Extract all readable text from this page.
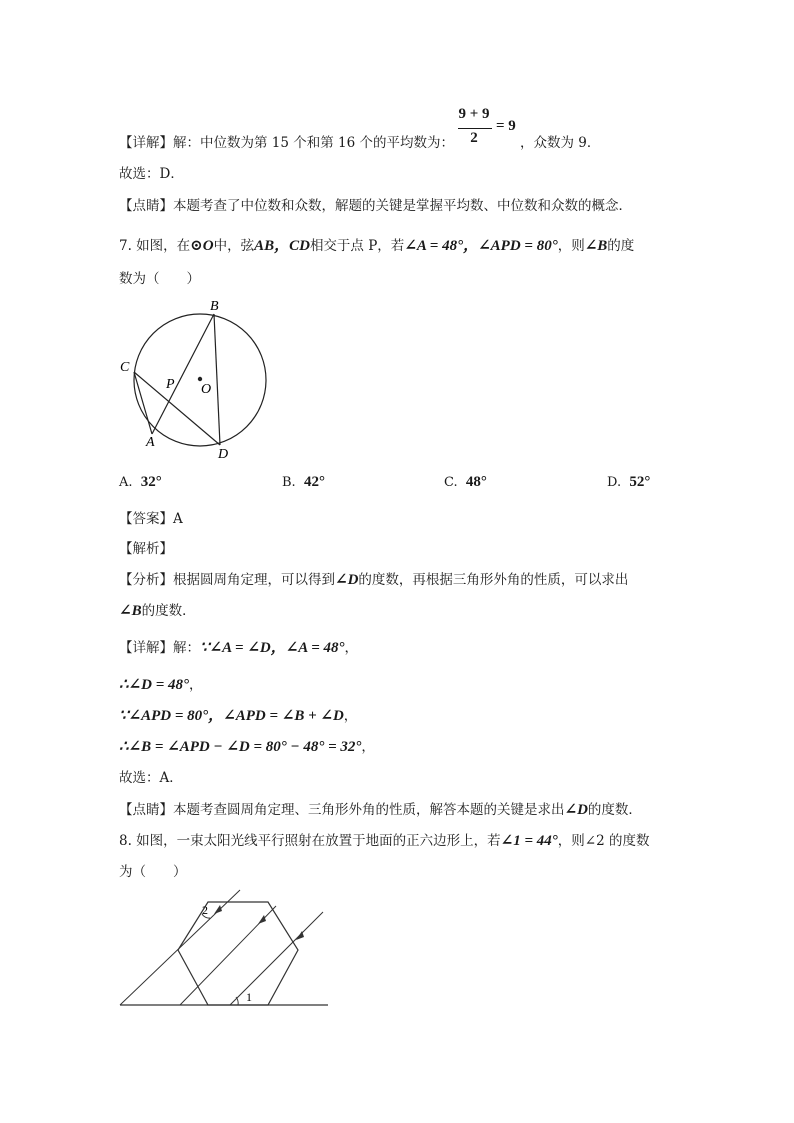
【详解】解：中位数为第 15 个和第 16 个的平均数为：
9 + 9
2
= 9
，众数为 9．
故选：D．
【点睛】本题考查了中位数和众数，解题的关键是掌握平均数、中位数和众数的概念．
7. 如图，在⊙O中，弦AB，CD相交于点 P，若∠A = 48°，∠APD = 80°，则∠B的度
数为（　　）
B
C
P O
A
D
A. 32°	B. 42°	C. 48°	D. 52°
【答案】A
【解析】
【分析】根据圆周角定理，可以得到∠D的度数，再根据三角形外角的性质，可以求出
∠B的度数．
【详解】解：∵∠A = ∠D，∠A = 48°，
∴∠D = 48°，
∵∠APD = 80°，∠APD = ∠B + ∠D，
∴∠B = ∠APD − ∠D = 80° − 48° = 32°，
故选：A．
【点睛】本题考查圆周角定理、三角形外角的性质，解答本题的关键是求出∠D的度数．
8. 如图，一束太阳光线平行照射在放置于地面的正六边形上，若∠1 = 44°，则∠2 的度数
为（　　）
1
2
